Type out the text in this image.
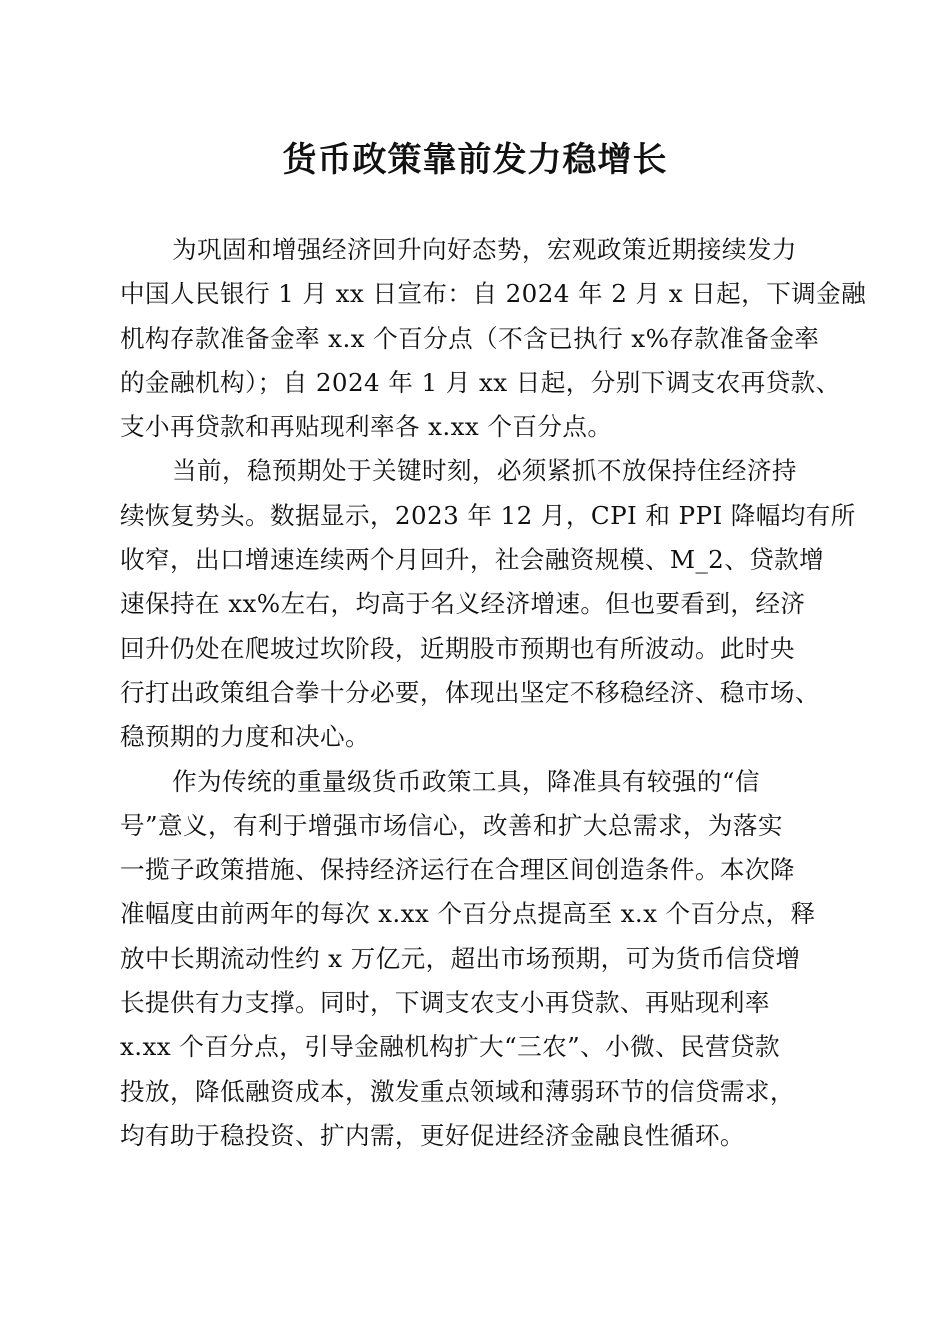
货币政策靠前发力稳增长
为巩固和增强经济回升向好态势，宏观政策近期接续发力
中国人民银行 1 月 xx 日宣布：自 2024 年 2 月 x 日起，下调金融
机构存款准备金率 x.x 个百分点（不含已执行 x%存款准备金率
的金融机构）；自 2024 年 1 月 xx 日起，分别下调支农再贷款、
支小再贷款和再贴现利率各 x.xx 个百分点。
当前，稳预期处于关键时刻，必须紧抓不放保持住经济持
续恢复势头。数据显示，2023 年 12 月，CPI 和 PPI 降幅均有所
收窄，出口增速连续两个月回升，社会融资规模、M_2、贷款增
速保持在 xx%左右，均高于名义经济增速。但也要看到，经济
回升仍处在爬坡过坎阶段，近期股市预期也有所波动。此时央
行打出政策组合拳十分必要，体现出坚定不移稳经济、稳市场、
稳预期的力度和决心。
作为传统的重量级货币政策工具，降准具有较强的“信
号”意义，有利于增强市场信心，改善和扩大总需求，为落实
一揽子政策措施、保持经济运行在合理区间创造条件。本次降
准幅度由前两年的每次 x.xx 个百分点提高至 x.x 个百分点，释
放中长期流动性约 x 万亿元，超出市场预期，可为货币信贷增
长提供有力支撑。同时，下调支农支小再贷款、再贴现利率
x.xx 个百分点，引导金融机构扩大“三农”、小微、民营贷款
投放，降低融资成本，激发重点领域和薄弱环节的信贷需求，
均有助于稳投资、扩内需，更好促进经济金融良性循环。
